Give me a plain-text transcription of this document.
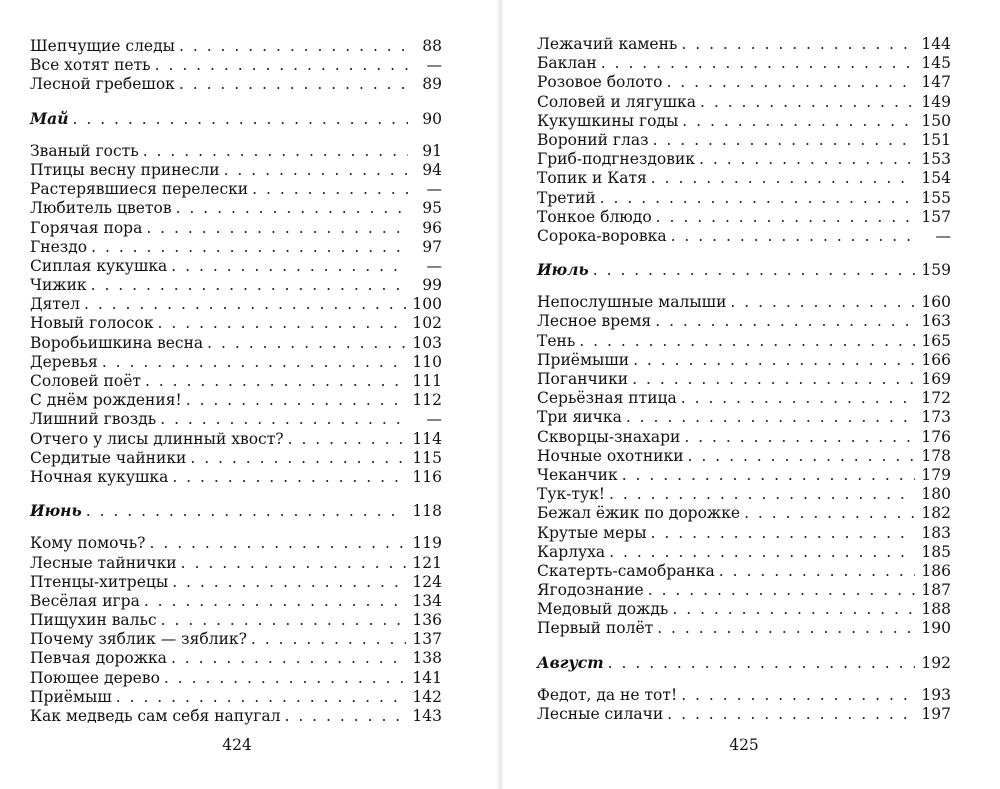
Шепчущие следы . . .	88
Все хотят петь . . .	—
Лесной гребешок . . .	89
Май . . .	90
Званый гость . . .	91
Птицы весну принесли . . .	94
Растерявшиеся перелески . . .	—
Любитель цветов . . .	95
Горячая пора . . .	96
Гнездо . . .	97
Сиплая кукушка . . .	—
Чижик . . .	99
Дятел . . .	100
Новый голосок . . .	102
Воробьишкина весна . . .	103
Деревья . . .	110
Соловей поёт . . .	111
С днём рождения! . . .	112
Лишний гвоздь . . .	—
Отчего у лисы длинный хвост? . . .	114
Сердитые чайники . . .	115
Ночная кукушка . . .	116
Июнь . . .	118
Кому помочь? . . .	119
Лесные тайнички . . .	121
Птенцы-хитрецы . . .	124
Весёлая игра . . .	134
Пищухин вальс . . .	136
Почему зяблик — зяблик? . . .	137
Певчая дорожка . . .	138
Поющее дерево . . .	141
Приёмыш . . .	142
Как медведь сам себя напугал . . .	143
424
Лежачий камень . . .	144
Баклан . . .	145
Розовое болото . . .	147
Соловей и лягушка . . .	149
Кукушкины годы . . .	150
Вороний глаз . . .	151
Гриб-подгнездовик . . .	153
Топик и Катя . . .	154
Третий . . .	155
Тонкое блюдо . . .	157
Сорока-воровка . . .	—
Июль . . .	159
Непослушные малыши . . .	160
Лесное время . . .	163
Тень . . .	165
Приёмыши . . .	166
Поганчики . . .	169
Серьёзная птица . . .	172
Три яичка . . .	173
Скворцы-знахари . . .	176
Ночные охотники . . .	178
Чеканчик . . .	179
Тук-тук! . . .	180
Бежал ёжик по дорожке . . .	182
Крутые меры . . .	183
Карлуха . . .	185
Скатерть-самобранка . . .	186
Ягодознание . . .	187
Медовый дождь . . .	188
Первый полёт . . .	190
Август . . .	192
Федот, да не тот! . . .	193
Лесные силачи . . .	197
425
